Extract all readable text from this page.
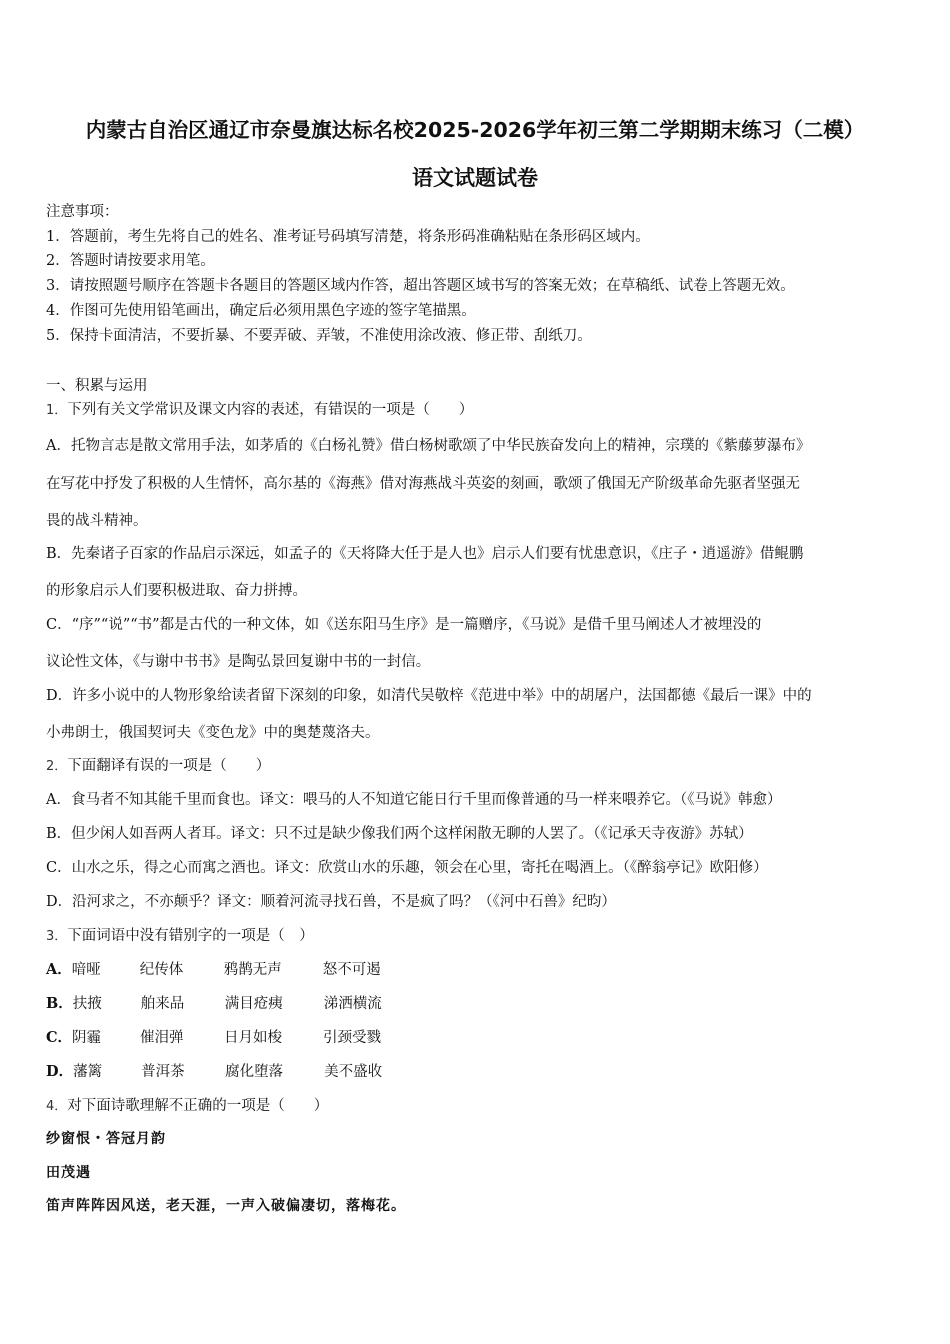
内蒙古自治区通辽市奈曼旗达标名校2025-2026学年初三第二学期期末练习（二模）
语文试题试卷
注意事项：
1．答题前，考生先将自己的姓名、准考证号码填写清楚，将条形码准确粘贴在条形码区域内。
2．答题时请按要求用笔。
3．请按照题号顺序在答题卡各题目的答题区域内作答，超出答题区域书写的答案无效；在草稿纸、试卷上答题无效。
4．作图可先使用铅笔画出，确定后必须用黑色字迹的签字笔描黑。
5．保持卡面清洁，不要折暴、不要弄破、弄皱，不准使用涂改液、修正带、刮纸刀。
一、积累与运用
1．下列有关文学常识及课文内容的表述，有错误的一项是（　　）
A．托物言志是散文常用手法，如茅盾的《白杨礼赞》借白杨树歌颂了中华民族奋发向上的精神，宗璞的《紫藤萝瀑布》
在写花中抒发了积极的人生情怀，高尔基的《海燕》借对海燕战斗英姿的刻画，歌颂了俄国无产阶级革命先驱者坚强无
畏的战斗精神。
B．先秦诸子百家的作品启示深远，如孟子的《天将降大任于是人也》启示人们要有忧患意识，《庄子・逍遥游》借鲲鹏
的形象启示人们要积极进取、奋力拼搏。
C．“序”“说”“书”都是古代的一种文体，如《送东阳马生序》是一篇赠序，《马说》是借千里马阐述人才被埋没的
议论性文体，《与谢中书书》是陶弘景回复谢中书的一封信。
D．许多小说中的人物形象给读者留下深刻的印象，如清代吴敬梓《范进中举》中的胡屠户，法国都德《最后一课》中的
小弗朗士，俄国契诃夫《变色龙》中的奥楚蔑洛夫。
2．下面翻译有误的一项是（　　）
A．食马者不知其能千里而食也。译文：喂马的人不知道它能日行千里而像普通的马一样来喂养它。（《马说》韩愈）
B．但少闲人如吾两人者耳。译文：只不过是缺少像我们两个这样闲散无聊的人罢了。（《记承天寺夜游》苏轼）
C．山水之乐，得之心而寓之酒也。译文：欣赏山水的乐趣，领会在心里，寄托在喝酒上。（《醉翁亭记》欧阳修）
D．沿河求之，不亦颠乎？译文：顺着河流寻找石兽，不是疯了吗？（《河中石兽》纪昀）
3．下面词语中没有错别字的一项是（　）
A．喑哑	纪传体	鸦鹊无声	怒不可遏
B．扶掖	舶来品	满目疮痍	涕洒横流
C．阴霾	催泪弹	日月如梭	引颈受戮
D．藩篱	普洱茶	腐化堕落	美不盛收
4．对下面诗歌理解不正确的一项是（　　）
纱窗恨・答冠月韵
田茂遇
笛声阵阵因风送，老天涯，一声入破偏凄切，落梅花。
